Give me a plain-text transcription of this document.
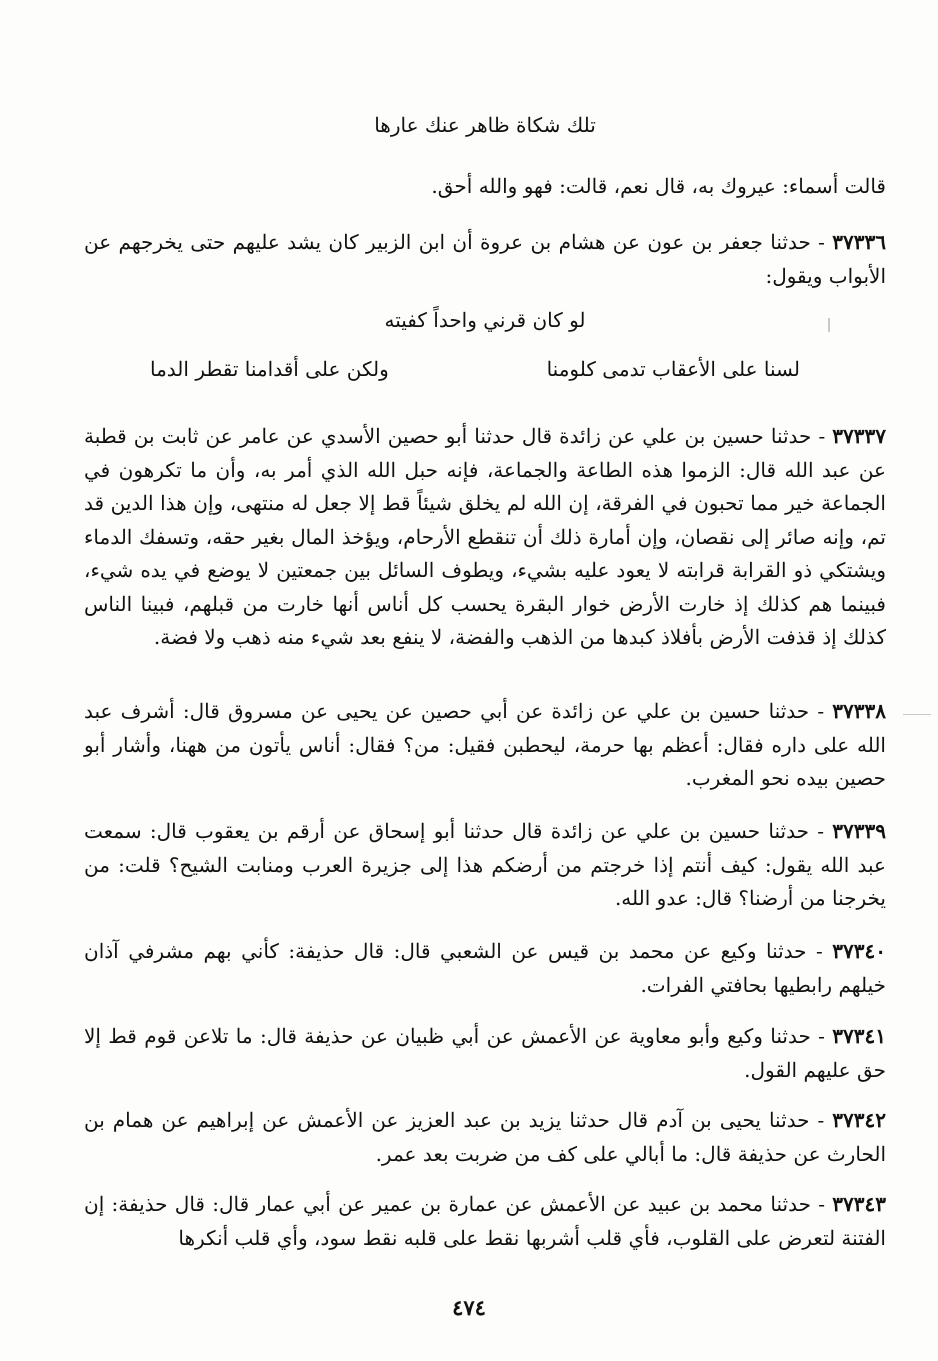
تلك شكاة ظاهر عنك عارها

قالت أسماء: عيروك به، قال نعم، قالت: فهو والله أحق.

٣٧٣٣٦ - حدثنا جعفر بن عون عن هشام بن عروة أن ابن الزبير كان يشد عليهم حتى يخرجهم عن الأبواب ويقول:

لو كان قرني واحداً كفيته

لسنا على الأعقاب تدمى كلومنا
ولكن على أقدامنا تقطر الدما

٣٧٣٣٧ - حدثنا حسين بن علي عن زائدة قال حدثنا أبو حصين الأسدي عن عامر عن ثابت بن قطبة عن عبد الله قال: الزموا هذه الطاعة والجماعة، فإنه حبل الله الذي أمر به، وأن ما تكرهون في الجماعة خير مما تحبون في الفرقة، إن الله لم يخلق شيئاً قط إلا جعل له منتهى، وإن هذا الدين قد تم، وإنه صائر إلى نقصان، وإن أمارة ذلك أن تنقطع الأرحام، ويؤخذ المال بغير حقه، وتسفك الدماء ويشتكي ذو القرابة قرابته لا يعود عليه بشيء، ويطوف السائل بين جمعتين لا يوضع في يده شيء، فبينما هم كذلك إذ خارت الأرض خوار البقرة يحسب كل أناس أنها خارت من قبلهم، فبينا الناس كذلك إذ قذفت الأرض بأفلاذ كبدها من الذهب والفضة، لا ينفع بعد شيء منه ذهب ولا فضة.

٣٧٣٣٨ - حدثنا حسين بن علي عن زائدة عن أبي حصين عن يحيى عن مسروق قال: أشرف عبد الله على داره فقال: أعظم بها حرمة، ليحطبن فقيل: من؟ فقال: أناس يأتون من ههنا، وأشار أبو حصين بيده نحو المغرب.

٣٧٣٣٩ - حدثنا حسين بن علي عن زائدة قال حدثنا أبو إسحاق عن أرقم بن يعقوب قال: سمعت عبد الله يقول: كيف أنتم إذا خرجتم من أرضكم هذا إلى جزيرة العرب ومنابت الشيح؟ قلت: من يخرجنا من أرضنا؟ قال: عدو الله.

٣٧٣٤٠ - حدثنا وكيع عن محمد بن قيس عن الشعبي قال: قال حذيفة: كأني بهم مشرفي آذان خيلهم رابطيها بحافتي الفرات.

٣٧٣٤١ - حدثنا وكيع وأبو معاوية عن الأعمش عن أبي ظبيان عن حذيفة قال: ما تلاعن قوم قط إلا حق عليهم القول.

٣٧٣٤٢ - حدثنا يحيى بن آدم قال حدثنا يزيد بن عبد العزيز عن الأعمش عن إبراهيم عن همام بن الحارث عن حذيفة قال: ما أبالي على كف من ضربت بعد عمر.

٣٧٣٤٣ - حدثنا محمد بن عبيد عن الأعمش عن عمارة بن عمير عن أبي عمار قال: قال حذيفة: إن الفتنة لتعرض على القلوب، فأي قلب أشربها نقط على قلبه نقط سود، وأي قلب أنكرها

٤٧٤
